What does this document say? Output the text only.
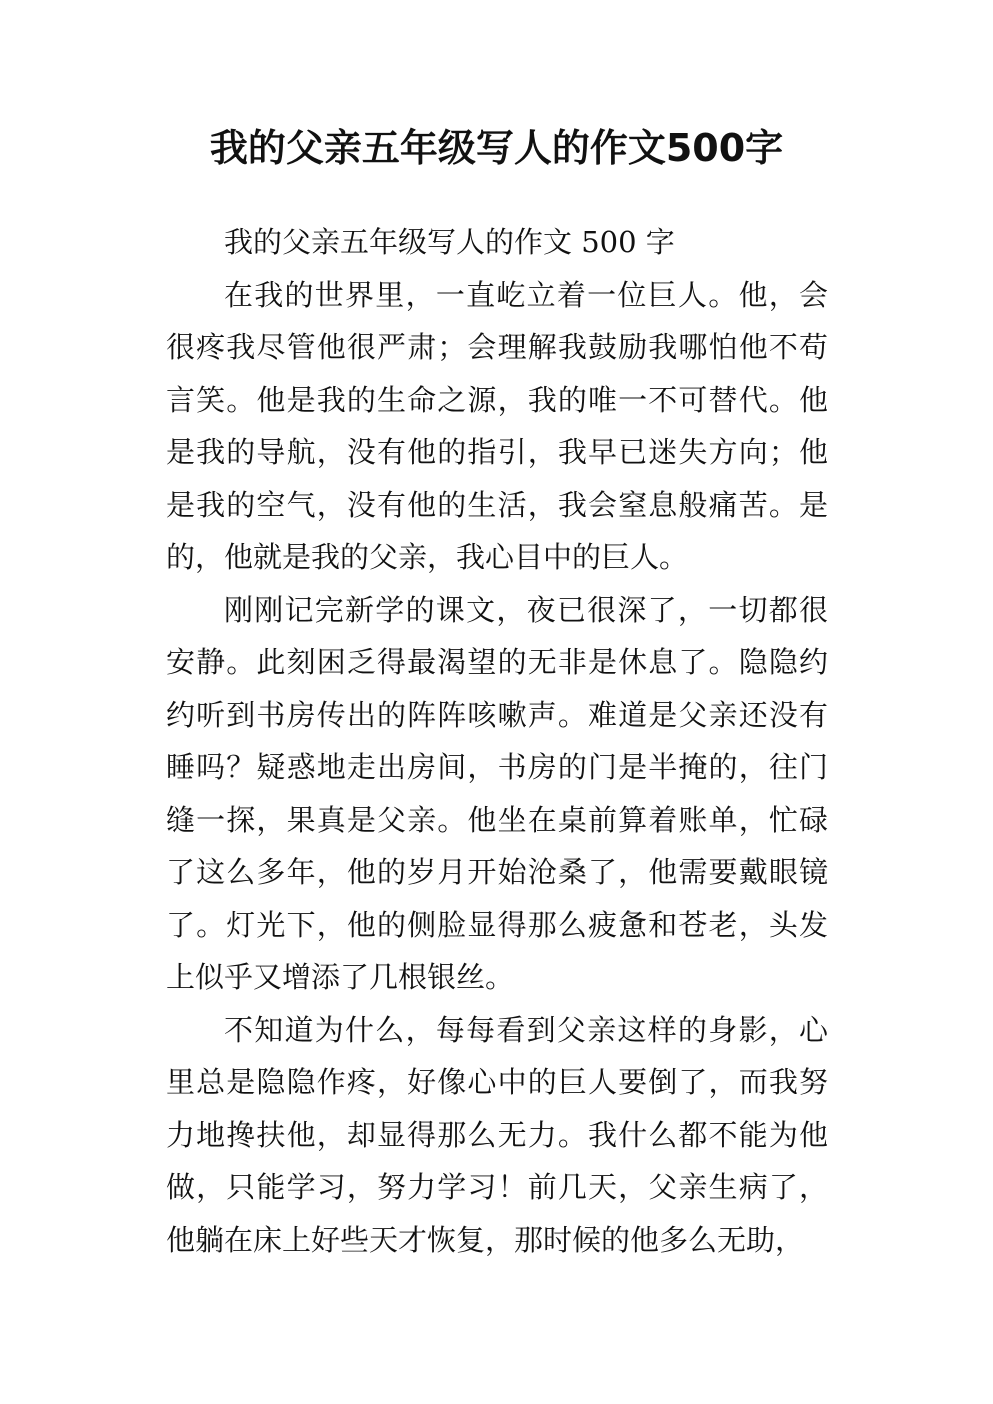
我的父亲五年级写人的作文500字

我的父亲五年级写人的作文 500 字

在我的世界里，一直屹立着一位巨人。他，会很疼我尽管他很严肃；会理解我鼓励我哪怕他不苟言笑。他是我的生命之源，我的唯一不可替代。他是我的导航，没有他的指引，我早已迷失方向；他是我的空气，没有他的生活，我会窒息般痛苦。是的，他就是我的父亲，我心目中的巨人。

刚刚记完新学的课文，夜已很深了，一切都很安静。此刻困乏得最渴望的无非是休息了。隐隐约约听到书房传出的阵阵咳嗽声。难道是父亲还没有睡吗？疑惑地走出房间，书房的门是半掩的，往门缝一探，果真是父亲。他坐在桌前算着账单，忙碌了这么多年，他的岁月开始沧桑了，他需要戴眼镜了。灯光下，他的侧脸显得那么疲惫和苍老，头发上似乎又增添了几根银丝。

不知道为什么，每每看到父亲这样的身影，心里总是隐隐作疼，好像心中的巨人要倒了，而我努力地搀扶他，却显得那么无力。我什么都不能为他做，只能学习，努力学习！前几天，父亲生病了，他躺在床上好些天才恢复，那时候的他多么无助，
